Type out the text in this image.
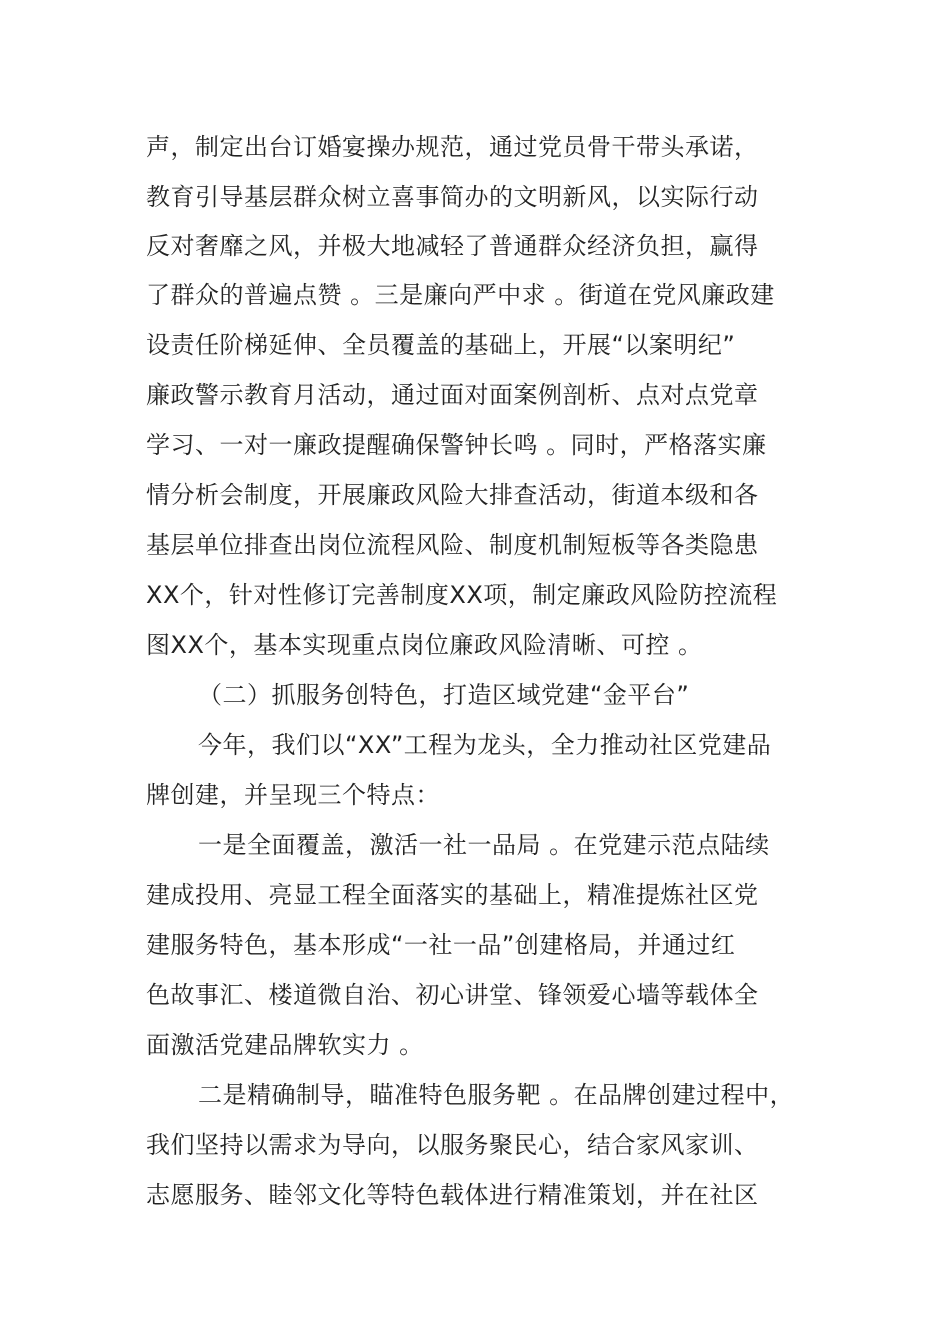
声，制定出台订婚宴操办规范，通过党员骨干带头承诺，
教育引导基层群众树立喜事简办的文明新风，以实际行动
反对奢靡之风，并极大地减轻了普通群众经济负担，赢得
了群众的普遍点赞 。三是廉向严中求 。街道在党风廉政建
设责任阶梯延伸、全员覆盖的基础上，开展“以案明纪”
廉政警示教育月活动，通过面对面案例剖析、点对点党章
学习、一对一廉政提醒确保警钟长鸣 。同时，严格落实廉
情分析会制度，开展廉政风险大排查活动，街道本级和各
基层单位排查出岗位流程风险、制度机制短板等各类隐患
XX个，针对性修订完善制度XX项，制定廉政风险防控流程
图XX个，基本实现重点岗位廉政风险清晰、可控 。
（二）抓服务创特色，打造区域党建“金平台”
今年，我们以“XX”工程为龙头，全力推动社区党建品
牌创建，并呈现三个特点：
一是全面覆盖，激活一社一品局 。在党建示范点陆续
建成投用、亮显工程全面落实的基础上，精准提炼社区党
建服务特色，基本形成“一社一品”创建格局，并通过红
色故事汇、楼道微自治、初心讲堂、锋领爱心墙等载体全
面激活党建品牌软实力 。
二是精确制导，瞄准特色服务靶 。在品牌创建过程中，
我们坚持以需求为导向，以服务聚民心，结合家风家训、
志愿服务、睦邻文化等特色载体进行精准策划，并在社区
